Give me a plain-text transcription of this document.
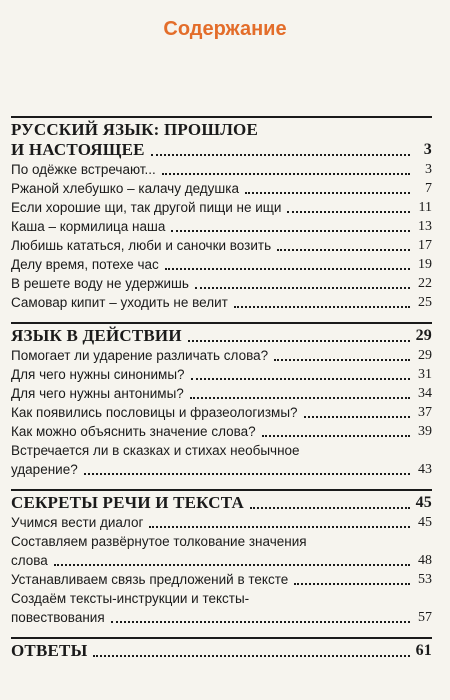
Содержание
РУССКИЙ ЯЗЫК: ПРОШЛОЕ
И НАСТОЯЩЕЕ	3
По одёжке встречают...	3
Ржаной хлебушко – калачу дедушка	7
Если хорошие щи, так другой пищи не ищи	11
Каша – кормилица наша	13
Любишь кататься, люби и саночки возить	17
Делу время, потехе час	19
В решете воду не удержишь	22
Самовар кипит – уходить не велит	25
ЯЗЫК В ДЕЙСТВИИ	29
Помогает ли ударение различать слова?	29
Для чего нужны синонимы?	31
Для чего нужны антонимы?	34
Как появились пословицы и фразеологизмы?	37
Как можно объяснить значение слова?	39
Встречается ли в сказках и стихах необычное
ударение?	43
СЕКРЕТЫ РЕЧИ И ТЕКСТА	45
Учимся вести диалог	45
Составляем развёрнутое толкование значения
слова	48
Устанавливаем связь предложений в тексте	53
Создаём тексты-инструкции и тексты-
повествования	57
ОТВЕТЫ	61
